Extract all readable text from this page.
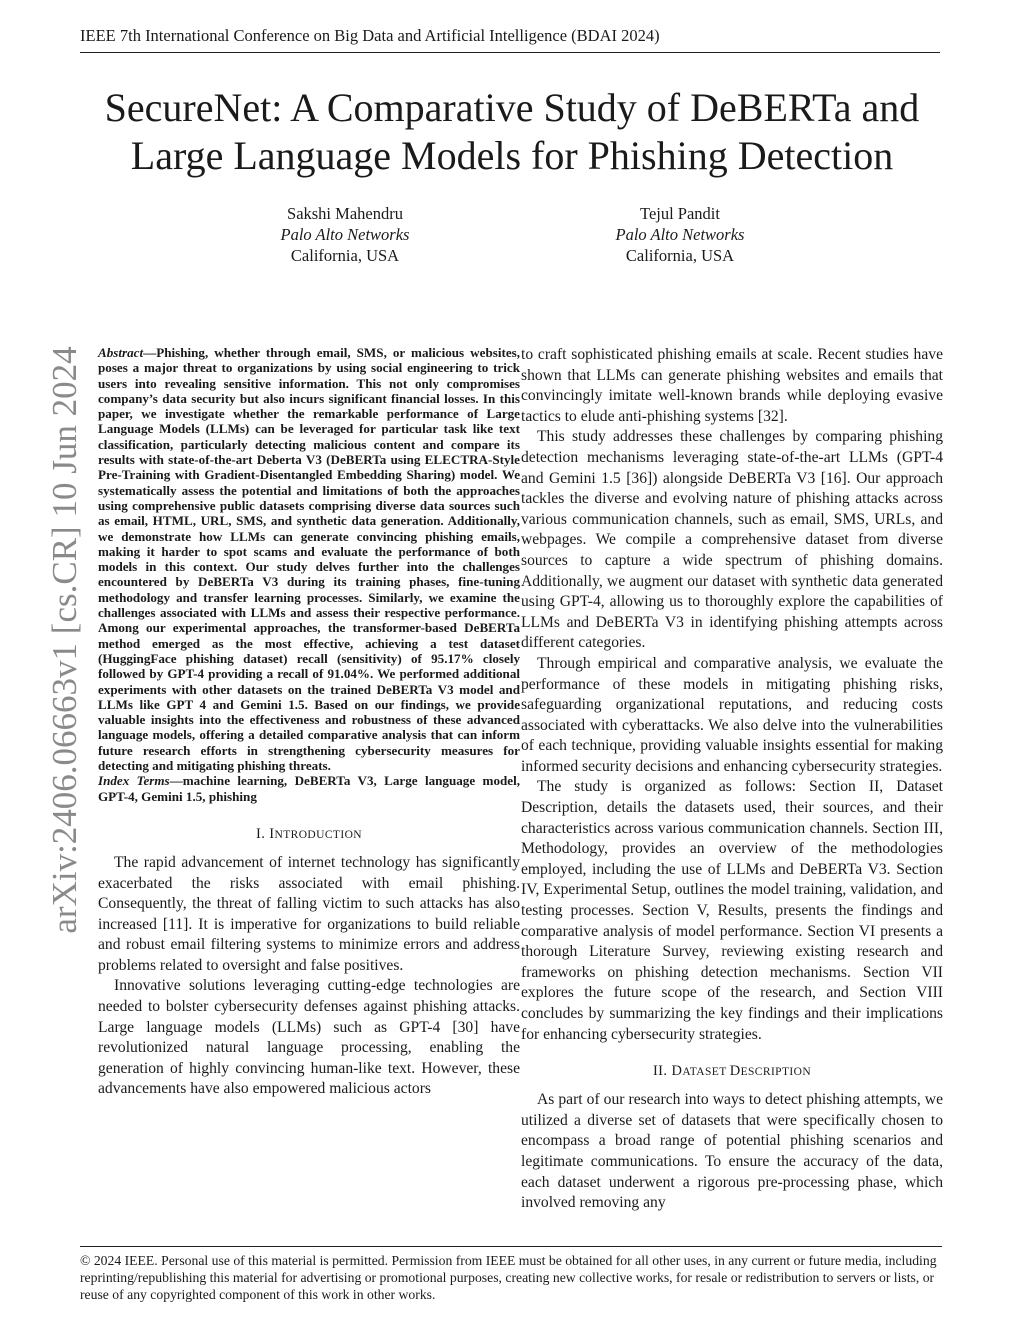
IEEE 7th International Conference on Big Data and Artificial Intelligence (BDAI 2024)
SecureNet: A Comparative Study of DeBERTa and
Large Language Models for Phishing Detection
Sakshi Mahendru
Palo Alto Networks
California, USA
Tejul Pandit
Palo Alto Networks
California, USA
arXiv:2406.06663v1 [cs.CR] 10 Jun 2024	Abstract—Phishing, whether through email, SMS, or malicious websites, poses a major threat to organizations by using social engineering to trick users into revealing sensitive information. This not only compromises company’s data security but also incurs significant financial losses. In this paper, we investigate whether the remarkable performance of Large Language Models (LLMs) can be leveraged for particular task like text classification, particularly detecting malicious content and compare its results with state-of-the-art Deberta V3 (DeBERTa using ELECTRA-Style Pre-Training with Gradient-Disentangled Embedding Sharing) model. We systematically assess the potential and limitations of both the approaches using comprehensive public datasets comprising diverse data sources such as email, HTML, URL, SMS, and synthetic data generation. Additionally, we demonstrate how LLMs can generate convincing phishing emails, making it harder to spot scams and evaluate the performance of both models in this context. Our study delves further into the challenges encountered by DeBERTa V3 during its training phases, fine-tuning methodology and transfer learning processes. Similarly, we examine the challenges associated with LLMs and assess their respective performance. Among our experimental approaches, the transformer-based DeBERTa method emerged as the most effective, achieving a test dataset (HuggingFace phishing dataset) recall (sensitivity) of 95.17% closely followed by GPT-4 providing a recall of 91.04%. We performed additional experiments with other datasets on the trained DeBERTa V3 model and LLMs like GPT 4 and Gemini 1.5. Based on our findings, we provide valuable insights into the effectiveness and robustness of these advanced language models, offering a detailed comparative analysis that can inform future research efforts in strengthening cybersecurity measures for detecting and mitigating phishing threats.

Index Terms—machine learning, DeBERTa V3, Large language model, GPT-4, Gemini 1.5, phishing

I. INTRODUCTION

The rapid advancement of internet technology has significantly exacerbated the risks associated with email phishing. Consequently, the threat of falling victim to such attacks has also increased [11]. It is imperative for organizations to build reliable and robust email filtering systems to minimize errors and address problems related to oversight and false positives.

Innovative solutions leveraging cutting-edge technologies are needed to bolster cybersecurity defenses against phishing attacks. Large language models (LLMs) such as GPT-4 [30] have revolutionized natural language processing, enabling the generation of highly convincing human-like text. However, these advancements have also empowered malicious actors

to craft sophisticated phishing emails at scale. Recent studies have shown that LLMs can generate phishing websites and emails that convincingly imitate well-known brands while deploying evasive tactics to elude anti-phishing systems [32].

This study addresses these challenges by comparing phishing detection mechanisms leveraging state-of-the-art LLMs (GPT-4 and Gemini 1.5 [36]) alongside DeBERTa V3 [16]. Our approach tackles the diverse and evolving nature of phishing attacks across various communication channels, such as email, SMS, URLs, and webpages. We compile a comprehensive dataset from diverse sources to capture a wide spectrum of phishing domains. Additionally, we augment our dataset with synthetic data generated using GPT-4, allowing us to thoroughly explore the capabilities of LLMs and DeBERTa V3 in identifying phishing attempts across different categories.

Through empirical and comparative analysis, we evaluate the performance of these models in mitigating phishing risks, safeguarding organizational reputations, and reducing costs associated with cyberattacks. We also delve into the vulnerabilities of each technique, providing valuable insights essential for making informed security decisions and enhancing cybersecurity strategies.

The study is organized as follows: Section II, Dataset Description, details the datasets used, their sources, and their characteristics across various communication channels. Section III, Methodology, provides an overview of the methodologies employed, including the use of LLMs and DeBERTa V3. Section IV, Experimental Setup, outlines the model training, validation, and testing processes. Section V, Results, presents the findings and comparative analysis of model performance. Section VI presents a thorough Literature Survey, reviewing existing research and frameworks on phishing detection mechanisms. Section VII explores the future scope of the research, and Section VIII concludes by summarizing the key findings and their implications for enhancing cybersecurity strategies.

II. DATASET DESCRIPTION

As part of our research into ways to detect phishing attempts, we utilized a diverse set of datasets that were specifically chosen to encompass a broad range of potential phishing scenarios and legitimate communications. To ensure the accuracy of the data, each dataset underwent a rigorous pre-processing phase, which involved removing any

© 2024 IEEE. Personal use of this material is permitted. Permission from IEEE must be obtained for all other uses, in any current or future media, including reprinting/republishing this material for advertising or promotional purposes, creating new collective works, for resale or redistribution to servers or lists, or reuse of any copyrighted component of this work in other works.
